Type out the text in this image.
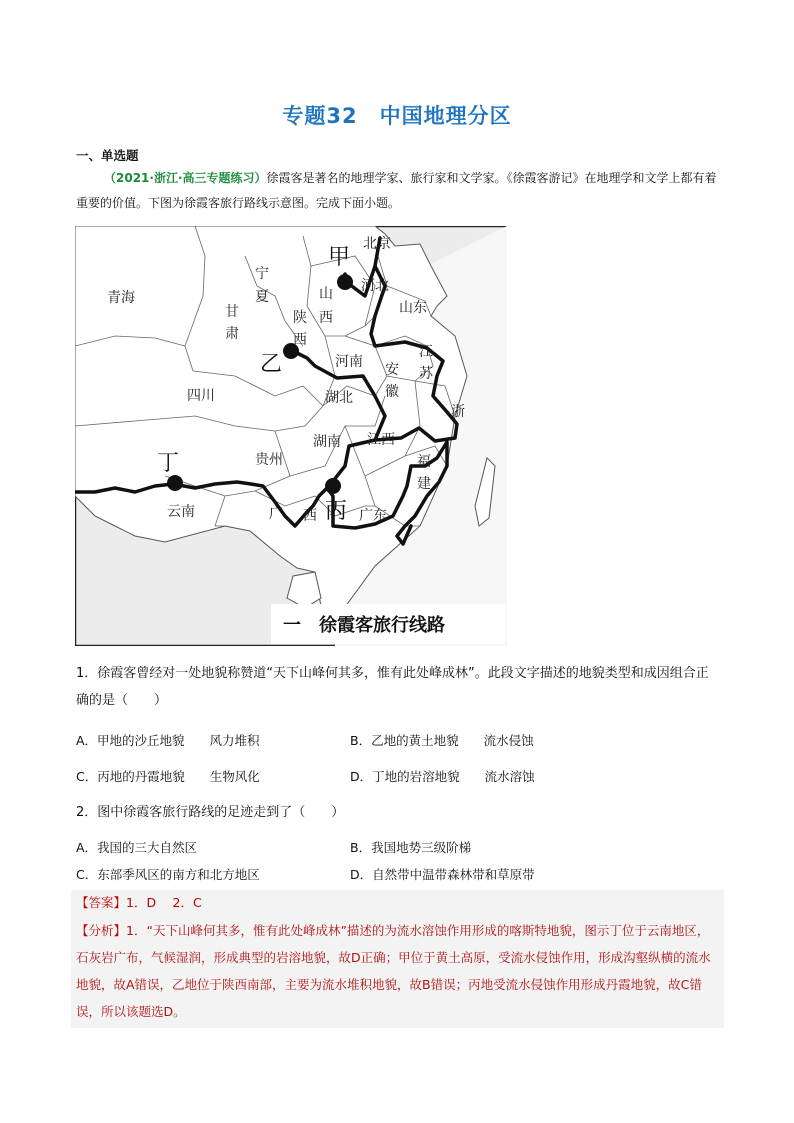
专题32　中国地理分区
一、单选题
（2021·浙江·高三专题练习）徐霞客是著名的地理学家、旅行家和文学家。《徐霞客游记》在地理学和文学上都有着重要的价值。下图为徐霞客旅行路线示意图。完成下面小题。
甲
乙
丙
丁
青海
甘
肃
宁
夏	山
西
陕
西
河北
北京
山东
河南
江
苏
安
徽
浙
湖北
四川
湖南 江西
福
建
贵州
云南	广 西	广东
一　徐霞客旅行线路
1．徐霞客曾经对一处地貌称赞道“天下山峰何其多，惟有此处峰成林”。此段文字描述的地貌类型和成因组合正确的是（　　）
A．甲地的沙丘地貌　　风力堆积	B．乙地的黄土地貌　　流水侵蚀
C．丙地的丹霞地貌　　生物风化	D．丁地的岩溶地貌　　流水溶蚀
2．图中徐霞客旅行路线的足迹走到了（　　）
A．我国的三大自然区	B．我国地势三级阶梯
C．东部季风区的南方和北方地区	D．自然带中温带森林带和草原带
【答案】1．D　 2．C
【分析】1．“天下山峰何其多，惟有此处峰成林”描述的为流水溶蚀作用形成的喀斯特地貌，图示丁位于云南地区，石灰岩广布，气候湿润，形成典型的岩溶地貌，故D正确；甲位于黄土高原，受流水侵蚀作用，形成沟壑纵横的流水地貌，故A错误，乙地位于陕西南部，主要为流水堆积地貌，故B错误；丙地受流水侵蚀作用形成丹霞地貌，故C错误，所以该题选D。
